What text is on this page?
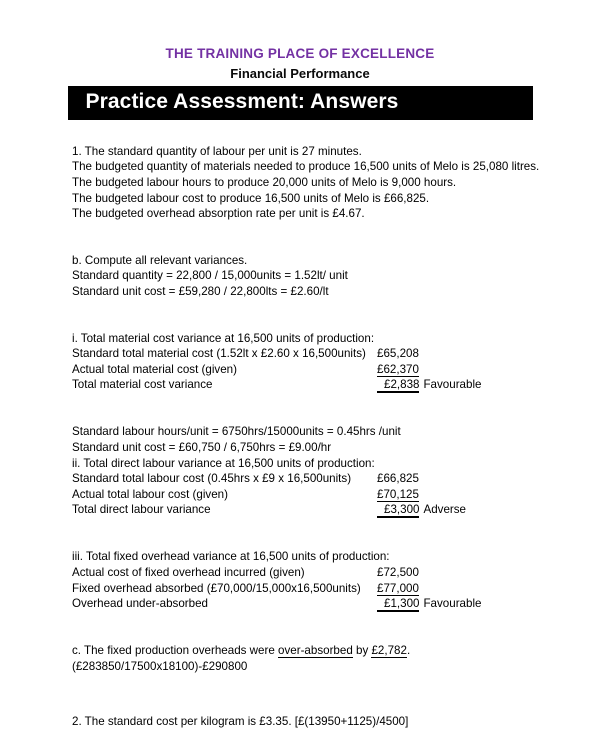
THE TRAINING PLACE OF EXCELLENCE
Financial Performance
Practice Assessment: Answers
1. The standard quantity of labour per unit is 27 minutes.
The budgeted quantity of materials needed to produce 16,500 units of Melo is 25,080 litres.
The budgeted labour hours to produce 20,000 units of Melo is 9,000 hours.
The budgeted labour cost to produce 16,500 units of Melo is £66,825.
The budgeted overhead absorption rate per unit is £4.67.
b. Compute all relevant variances.
Standard quantity = 22,800 / 15,000units = 1.52lt/ unit
Standard unit cost = £59,280 / 22,800lts = £2.60/lt
i. Total material cost variance at 16,500 units of production:
Standard total material cost (1.52lt x £2.60 x 16,500units) £65,208
Actual total material cost (given)	£62,370
Total material cost variance	£2,838 Favourable
Standard labour hours/unit = 6750hrs/15000units = 0.45hrs /unit
Standard unit cost = £60,750 / 6,750hrs = £9.00/hr
ii. Total direct labour variance at 16,500 units of production:
Standard total labour cost (0.45hrs x £9 x 16,500units)	£66,825
Actual total labour cost (given)	£70,125
Total direct labour variance	£3,300 Adverse
iii. Total fixed overhead variance at 16,500 units of production:
Actual cost of fixed overhead incurred (given)	£72,500
Fixed overhead absorbed (£70,000/15,000x16,500units)	£77,000
Overhead under-absorbed	£1,300 Favourable
c. The fixed production overheads were over-absorbed by £2,782.
(£283850/17500x18100)-£290800
2. The standard cost per kilogram is £3.35. [£(13950+1125)/4500]
